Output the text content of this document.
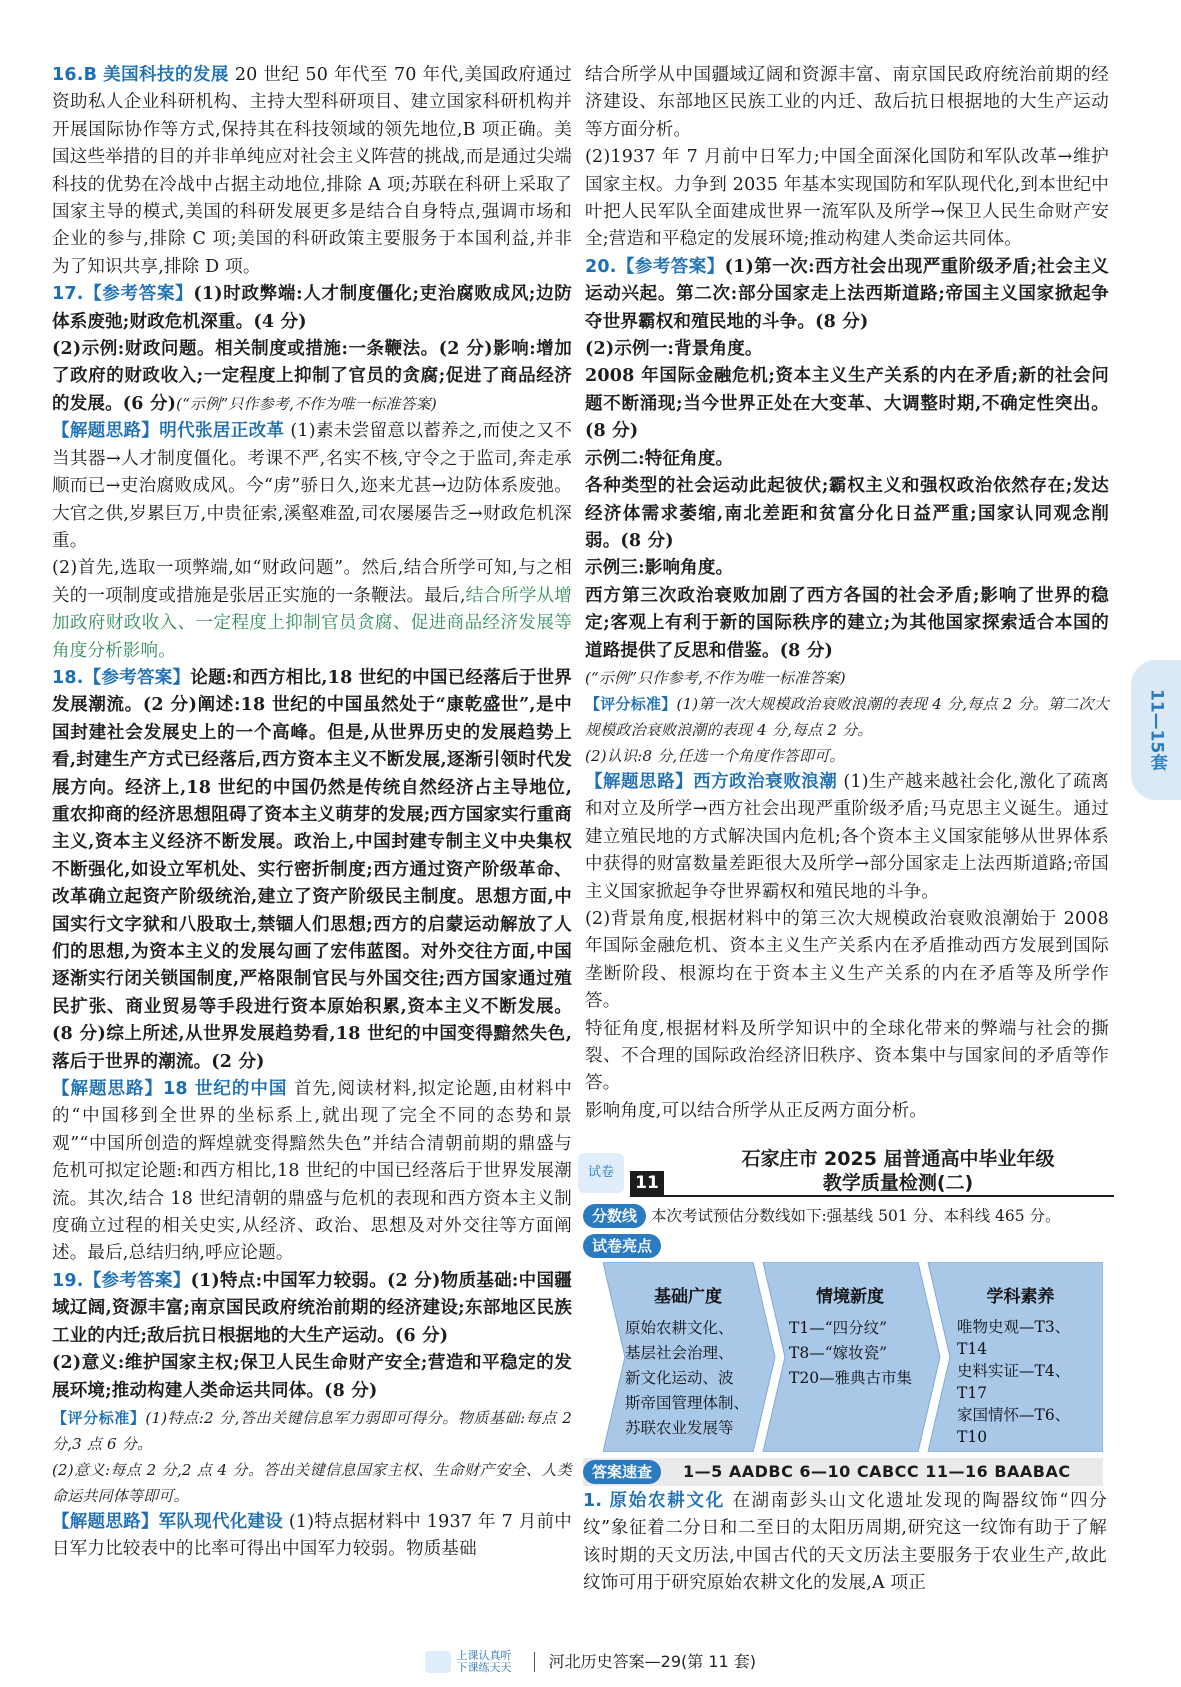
16.B 美国科技的发展 20 世纪 50 年代至 70 年代,美国政府通过资助私人企业科研机构、主持大型科研项目、建立国家科研机构并开展国际协作等方式,保持其在科技领域的领先地位,B 项正确。美国这些举措的目的并非单纯应对社会主义阵营的挑战,而是通过尖端科技的优势在冷战中占据主动地位,排除 A 项;苏联在科研上采取了国家主导的模式,美国的科研发展更多是结合自身特点,强调市场和企业的参与,排除 C 项;美国的科研政策主要服务于本国利益,并非为了知识共享,排除 D 项。

17.【参考答案】(1)时政弊端:人才制度僵化;吏治腐败成风;边防体系废弛;财政危机深重。(4 分)

(2)示例:财政问题。相关制度或措施:一条鞭法。(2 分)影响:增加了政府的财政收入;一定程度上抑制了官员的贪腐;促进了商品经济的发展。(6 分)(“示例”只作参考,不作为唯一标准答案)

【解题思路】明代张居正改革 (1)素未尝留意以蓄养之,而使之又不当其器→人才制度僵化。考课不严,名实不核,守令之于监司,奔走承顺而已→吏治腐败成风。今“虏”骄日久,迩来尤甚→边防体系废弛。大官之供,岁累巨万,中贵征索,溪壑难盈,司农屡屡告乏→财政危机深重。

(2)首先,选取一项弊端,如“财政问题”。然后,结合所学可知,与之相关的一项制度或措施是张居正实施的一条鞭法。最后,结合所学从增加政府财政收入、一定程度上抑制官员贪腐、促进商品经济发展等角度分析影响。

18.【参考答案】论题:和西方相比,18 世纪的中国已经落后于世界发展潮流。(2 分)阐述:18 世纪的中国虽然处于“康乾盛世”,是中国封建社会发展史上的一个高峰。但是,从世界历史的发展趋势上看,封建生产方式已经落后,西方资本主义不断发展,逐渐引领时代发展方向。经济上,18 世纪的中国仍然是传统自然经济占主导地位,重农抑商的经济思想阻碍了资本主义萌芽的发展;西方国家实行重商主义,资本主义经济不断发展。政治上,中国封建专制主义中央集权不断强化,如设立军机处、实行密折制度;西方通过资产阶级革命、改革确立起资产阶级统治,建立了资产阶级民主制度。思想方面,中国实行文字狱和八股取士,禁锢人们思想;西方的启蒙运动解放了人们的思想,为资本主义的发展勾画了宏伟蓝图。对外交往方面,中国逐渐实行闭关锁国制度,严格限制官民与外国交往;西方国家通过殖民扩张、商业贸易等手段进行资本原始积累,资本主义不断发展。(8 分)综上所述,从世界发展趋势看,18 世纪的中国变得黯然失色,落后于世界的潮流。(2 分)

【解题思路】18 世纪的中国 首先,阅读材料,拟定论题,由材料中的“中国移到全世界的坐标系上,就出现了完全不同的态势和景观”“中国所创造的辉煌就变得黯然失色”并结合清朝前期的鼎盛与危机可拟定论题:和西方相比,18 世纪的中国已经落后于世界发展潮流。其次,结合 18 世纪清朝的鼎盛与危机的表现和西方资本主义制度确立过程的相关史实,从经济、政治、思想及对外交往等方面阐述。最后,总结归纳,呼应论题。

19.【参考答案】(1)特点:中国军力较弱。(2 分)物质基础:中国疆域辽阔,资源丰富;南京国民政府统治前期的经济建设;东部地区民族工业的内迁;敌后抗日根据地的大生产运动。(6 分)

(2)意义:维护国家主权;保卫人民生命财产安全;营造和平稳定的发展环境;推动构建人类命运共同体。(8 分)

【评分标准】(1)特点:2 分,答出关键信息军力弱即可得分。物质基础:每点 2 分,3 点 6 分。

(2)意义:每点 2 分,2 点 4 分。答出关键信息国家主权、生命财产安全、人类命运共同体等即可。

【解题思路】军队现代化建设 (1)特点据材料中 1937 年 7 月前中日军力比较表中的比率可得出中国军力较弱。物质基础

结合所学从中国疆域辽阔和资源丰富、南京国民政府统治前期的经济建设、东部地区民族工业的内迁、敌后抗日根据地的大生产运动等方面分析。

(2)1937 年 7 月前中日军力;中国全面深化国防和军队改革→维护国家主权。力争到 2035 年基本实现国防和军队现代化,到本世纪中叶把人民军队全面建成世界一流军队及所学→保卫人民生命财产安全;营造和平稳定的发展环境;推动构建人类命运共同体。

20.【参考答案】(1)第一次:西方社会出现严重阶级矛盾;社会主义运动兴起。第二次:部分国家走上法西斯道路;帝国主义国家掀起争夺世界霸权和殖民地的斗争。(8 分)

(2)示例一:背景角度。

2008 年国际金融危机;资本主义生产关系的内在矛盾;新的社会问题不断涌现;当今世界正处在大变革、大调整时期,不确定性突出。(8 分)

示例二:特征角度。

各种类型的社会运动此起彼伏;霸权主义和强权政治依然存在;发达经济体需求萎缩,南北差距和贫富分化日益严重;国家认同观念削弱。(8 分)

示例三:影响角度。

西方第三次政治衰败加剧了西方各国的社会矛盾;影响了世界的稳定;客观上有利于新的国际秩序的建立;为其他国家探索适合本国的道路提供了反思和借鉴。(8 分)

(“示例”只作参考,不作为唯一标准答案)

【评分标准】(1)第一次大规模政治衰败浪潮的表现 4 分,每点 2 分。第二次大规模政治衰败浪潮的表现 4 分,每点 2 分。

(2)认识:8 分,任选一个角度作答即可。

【解题思路】西方政治衰败浪潮 (1)生产越来越社会化,激化了疏离和对立及所学→西方社会出现严重阶级矛盾;马克思主义诞生。通过建立殖民地的方式解决国内危机;各个资本主义国家能够从世界体系中获得的财富数量差距很大及所学→部分国家走上法西斯道路;帝国主义国家掀起争夺世界霸权和殖民地的斗争。

(2)背景角度,根据材料中的第三次大规模政治衰败浪潮始于 2008 年国际金融危机、资本主义生产关系内在矛盾推动西方发展到国际垄断阶段、根源均在于资本主义生产关系的内在矛盾等及所学作答。

特征角度,根据材料及所学知识中的全球化带来的弊端与社会的撕裂、不合理的国际政治经济旧秩序、资本集中与国家间的矛盾等作答。

影响角度,可以结合所学从正反两方面分析。

11—15套
试卷
11
石家庄市 2025 届普通高中毕业年级
教学质量检测(二)
分数线 本次考试预估分数线如下:强基线 501 分、本科线 465 分。
试卷亮点
基础广度
原始农耕文化、
基层社会治理、
新文化运动、波
斯帝国管理体制、
苏联农业发展等
情境新度
T1—“四分纹”
T8—“嫁妆瓷”
T20—雅典古市集
学科素养
唯物史观—T3、
T14
史料实证—T4、
T17
家国情怀—T6、
T10
答案速查	1—5 AADBC 6—10 CABCC 11—16 BAABAC

1. 原始农耕文化 在湖南彭头山文化遗址发现的陶器纹饰“四分纹”象征着二分日和二至日的太阳历周期,研究这一纹饰有助于了解该时期的天文历法,中国古代的天文历法主要服务于农业生产,故此纹饰可用于研究原始农耕文化的发展,A 项正

上课认真听 下课练天天 河北历史答案—29(第 11 套)
